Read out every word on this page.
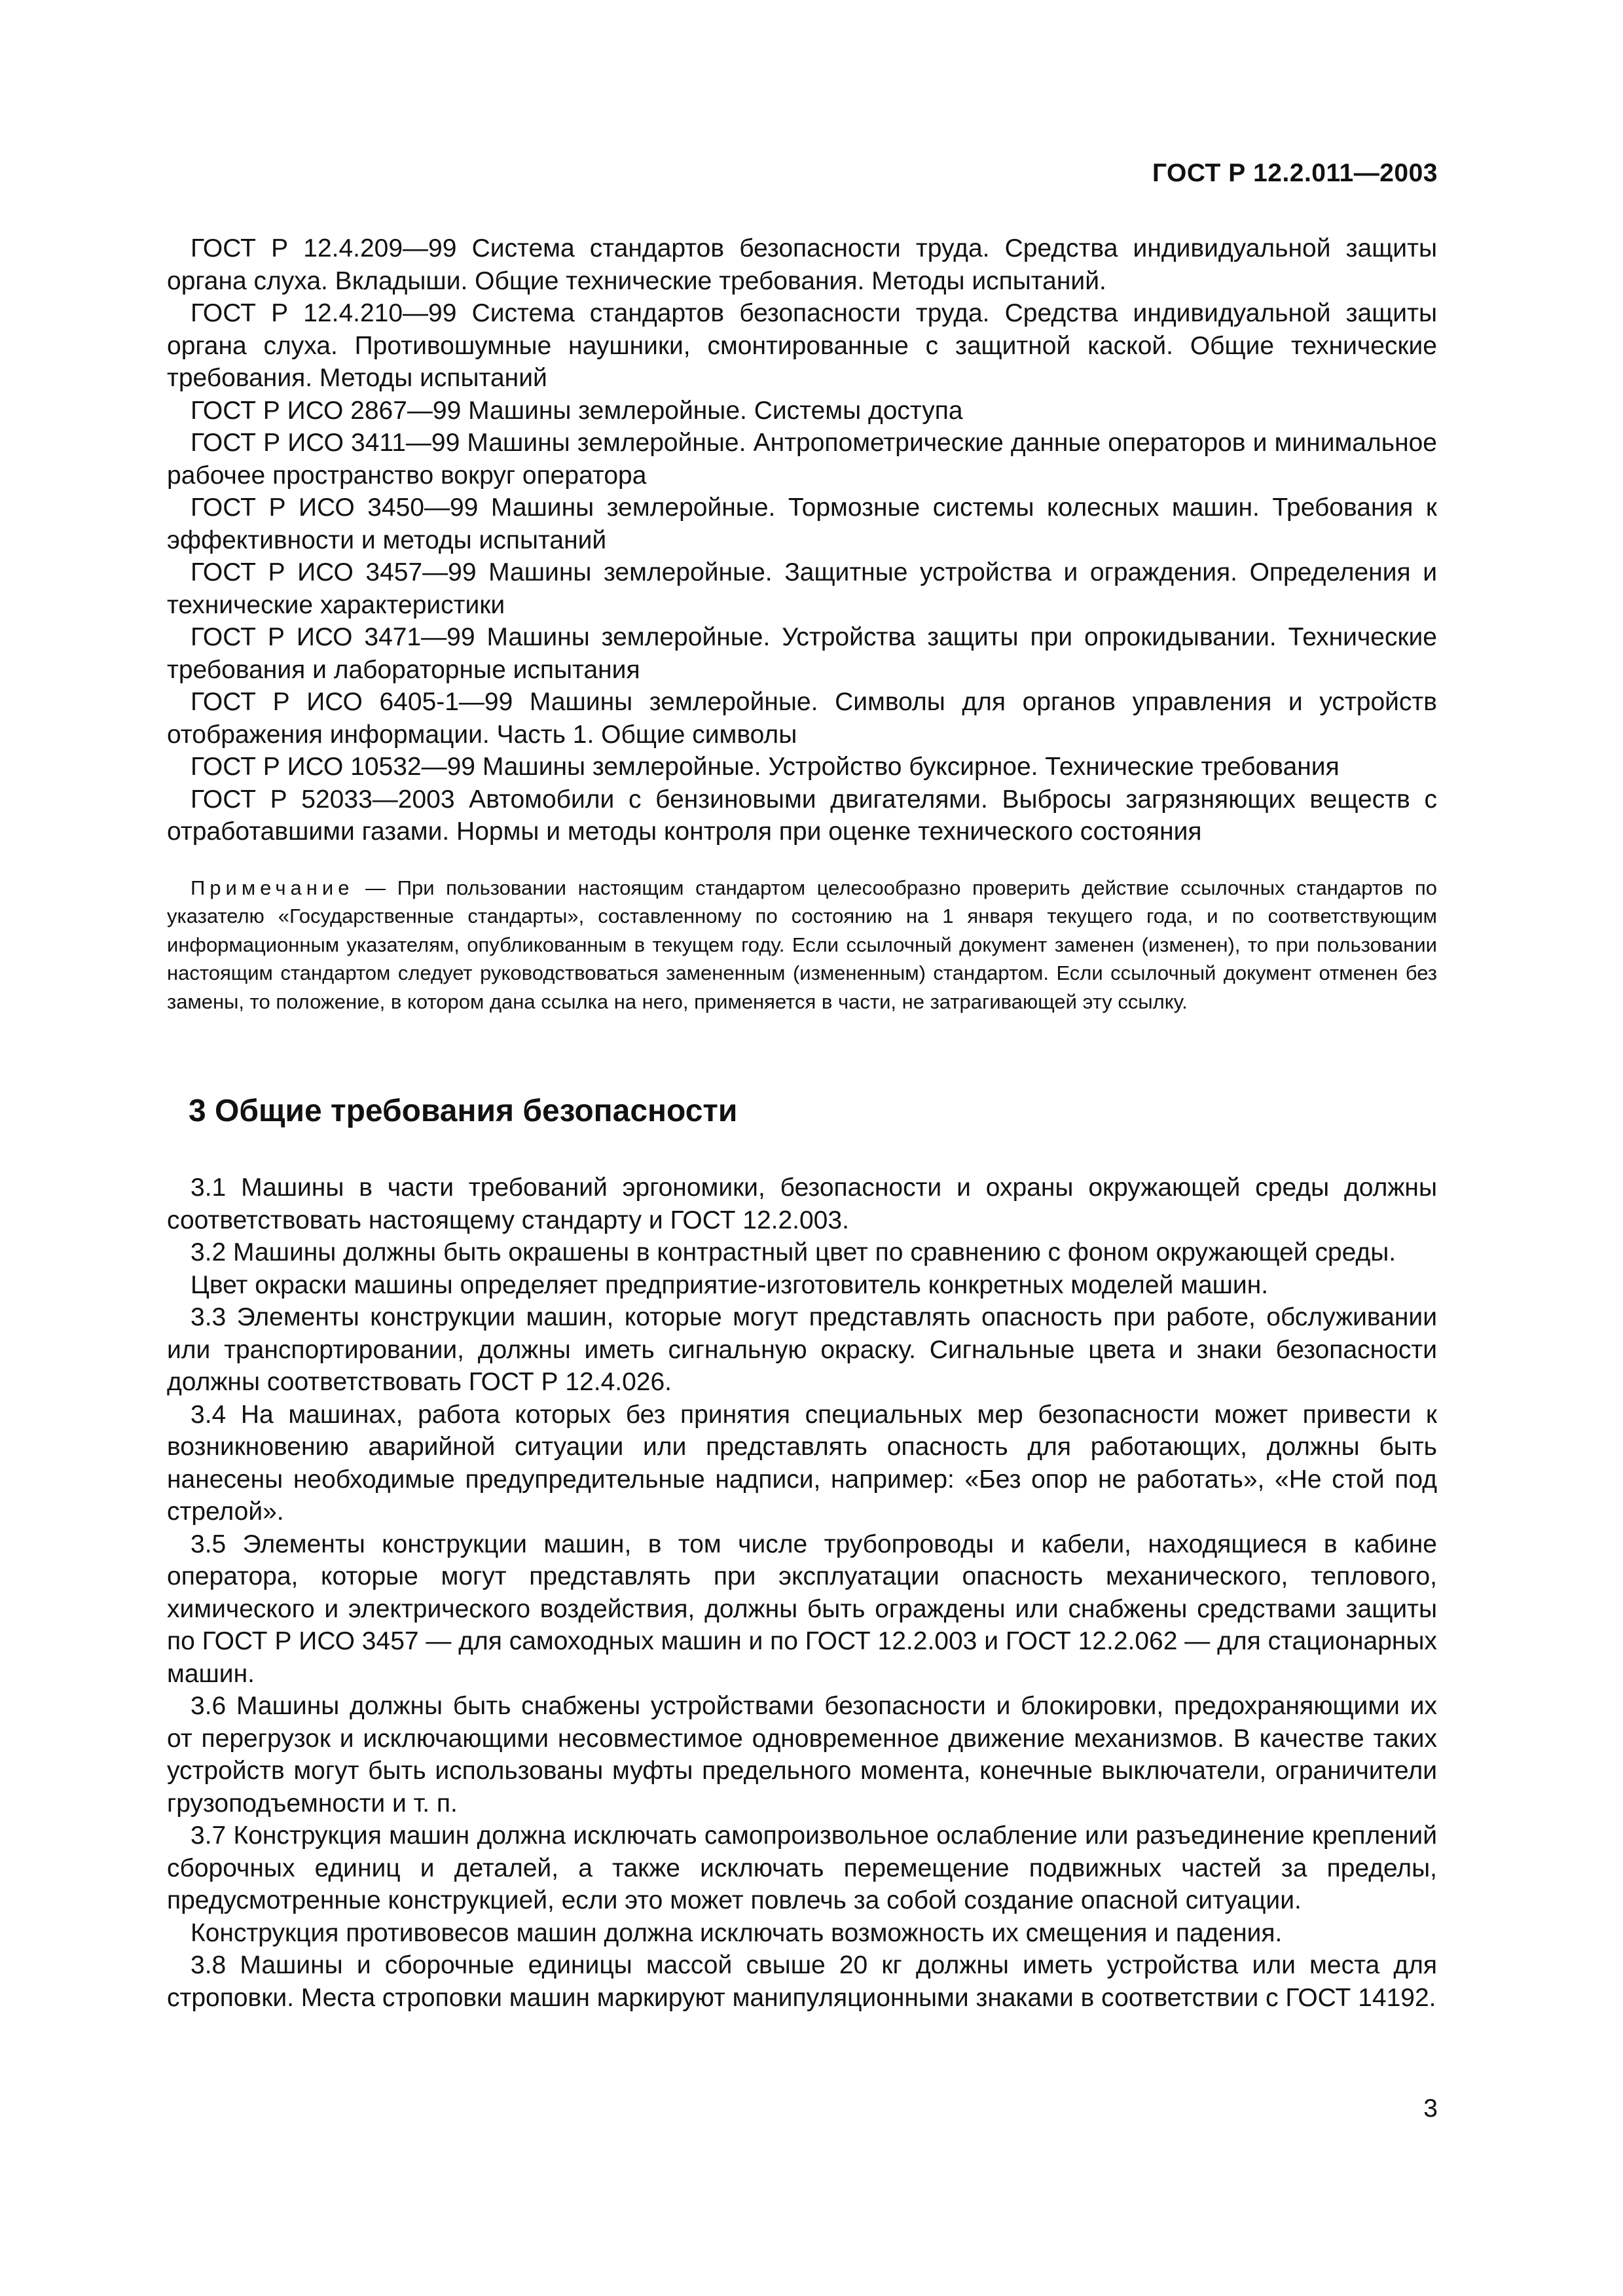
ГОСТ Р 12.2.011—2003

ГОСТ Р 12.4.209—99 Система стандартов безопасности труда. Средства индивидуальной защиты органа слуха. Вкладыши. Общие технические требования. Методы испытаний.

ГОСТ Р 12.4.210—99 Система стандартов безопасности труда. Средства индивидуальной защиты органа слуха. Противошумные наушники, смонтированные с защитной каской. Общие технические требования. Методы испытаний

ГОСТ Р ИСО 2867—99 Машины землеройные. Системы доступа

ГОСТ Р ИСО 3411—99 Машины землеройные. Антропометрические данные операторов и минимальное рабочее пространство вокруг оператора

ГОСТ Р ИСО 3450—99 Машины землеройные. Тормозные системы колесных машин. Требования к эффективности и методы испытаний

ГОСТ Р ИСО 3457—99 Машины землеройные. Защитные устройства и ограждения. Определения и технические характеристики

ГОСТ Р ИСО 3471—99 Машины землеройные. Устройства защиты при опрокидывании. Технические требования и лабораторные испытания

ГОСТ Р ИСО 6405-1—99 Машины землеройные. Символы для органов управления и устройств отображения информации. Часть 1. Общие символы

ГОСТ Р ИСО 10532—99 Машины землеройные. Устройство буксирное. Технические требования

ГОСТ Р 52033—2003 Автомобили с бензиновыми двигателями. Выбросы загрязняющих веществ с отработавшими газами. Нормы и методы контроля при оценке технического состояния

Примечание — При пользовании настоящим стандартом целесообразно проверить действие ссылочных стандартов по указателю «Государственные стандарты», составленному по состоянию на 1 января текущего года, и по соответствующим информационным указателям, опубликованным в текущем году. Если ссылочный документ заменен (изменен), то при пользовании настоящим стандартом следует руководствоваться замененным (измененным) стандартом. Если ссылочный документ отменен без замены, то положение, в котором дана ссылка на него, применяется в части, не затрагивающей эту ссылку.

3 Общие требования безопасности

3.1 Машины в части требований эргономики, безопасности и охраны окружающей среды должны соответствовать настоящему стандарту и ГОСТ 12.2.003.

3.2 Машины должны быть окрашены в контрастный цвет по сравнению с фоном окружающей среды.

Цвет окраски машины определяет предприятие-изготовитель конкретных моделей машин.

3.3 Элементы конструкции машин, которые могут представлять опасность при работе, обслуживании или транспортировании, должны иметь сигнальную окраску. Сигнальные цвета и знаки безопасности должны соответствовать ГОСТ Р 12.4.026.

3.4 На машинах, работа которых без принятия специальных мер безопасности может привести к возникновению аварийной ситуации или представлять опасность для работающих, должны быть нанесены необходимые предупредительные надписи, например: «Без опор не работать», «Не стой под стрелой».

3.5 Элементы конструкции машин, в том числе трубопроводы и кабели, находящиеся в кабине оператора, которые могут представлять при эксплуатации опасность механического, теплового, химического и электрического воздействия, должны быть ограждены или снабжены средствами защиты по ГОСТ Р ИСО 3457 — для самоходных машин и по ГОСТ 12.2.003 и ГОСТ 12.2.062 — для стационарных машин.

3.6 Машины должны быть снабжены устройствами безопасности и блокировки, предохраняющими их от перегрузок и исключающими несовместимое одновременное движение механизмов. В качестве таких устройств могут быть использованы муфты предельного момента, конечные выключатели, ограничители грузоподъемности и т. п.

3.7 Конструкция машин должна исключать самопроизвольное ослабление или разъединение креплений сборочных единиц и деталей, а также исключать перемещение подвижных частей за пределы, предусмотренные конструкцией, если это может повлечь за собой создание опасной ситуации.

Конструкция противовесов машин должна исключать возможность их смещения и падения.

3.8 Машины и сборочные единицы массой свыше 20 кг должны иметь устройства или места для строповки. Места строповки машин маркируют манипуляционными знаками в соответствии с ГОСТ 14192.

3
